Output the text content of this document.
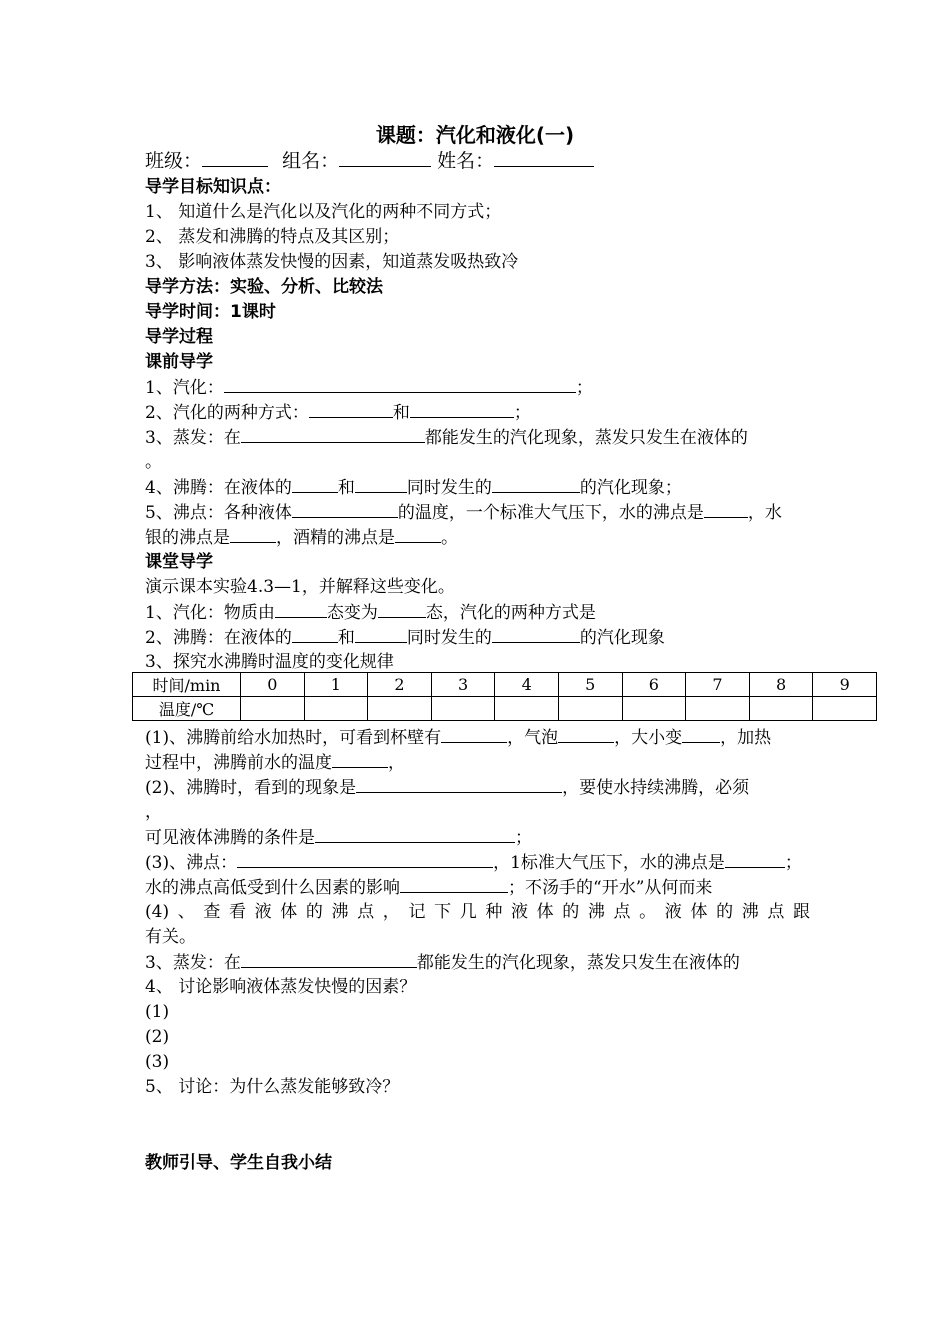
课题：汽化和液化(一)
班级：	组名：	姓名：
导学目标知识点：
1、 知道什么是汽化以及汽化的两种不同方式；
2、 蒸发和沸腾的特点及其区别；
3、 影响液体蒸发快慢的因素，知道蒸发吸热致冷
导学方法：实验、分析、比较法
导学时间：1课时
导学过程
课前导学
1、汽化：	；
2、汽化的两种方式：	和	；
3、蒸发：在	都能发生的汽化现象，蒸发只发生在液体的
。
4、沸腾：在液体的	和	同时发生的	的汽化现象；
5、沸点：各种液体	的温度，一个标准大气压下，水的沸点是	，水
银的沸点是	，酒精的沸点是	。
课堂导学
演示课本实验4.3—1，并解释这些变化。
1、汽化：物质由	态变为	态，汽化的两种方式是
2、沸腾：在液体的	和	同时发生的	的汽化现象
3、探究水沸腾时温度的变化规律
时间/min	0	1	2	3	4	5	6	7	8	9
温度/℃										
(1)、沸腾前给水加热时，可看到杯壁有	，气泡	，大小变 ，加热
过程中，沸腾前水的温度	，
(2)、沸腾时，看到的现象是	，要使水持续沸腾，必须
，
可见液体沸腾的条件是	；
(3)、沸点：	，1标准大气压下，水的沸点是	；
水的沸点高低受到什么因素的影响	；不汤手的“开水”从何而来
(4)、查看液体的沸点，记下几种液体的沸点。液体的沸点跟
有关。
3、蒸发：在	都能发生的汽化现象，蒸发只发生在液体的
4、 讨论影响液体蒸发快慢的因素？
(1)
(2)
(3)
5、 讨论：为什么蒸发能够致冷？
教师引导、学生自我小结
